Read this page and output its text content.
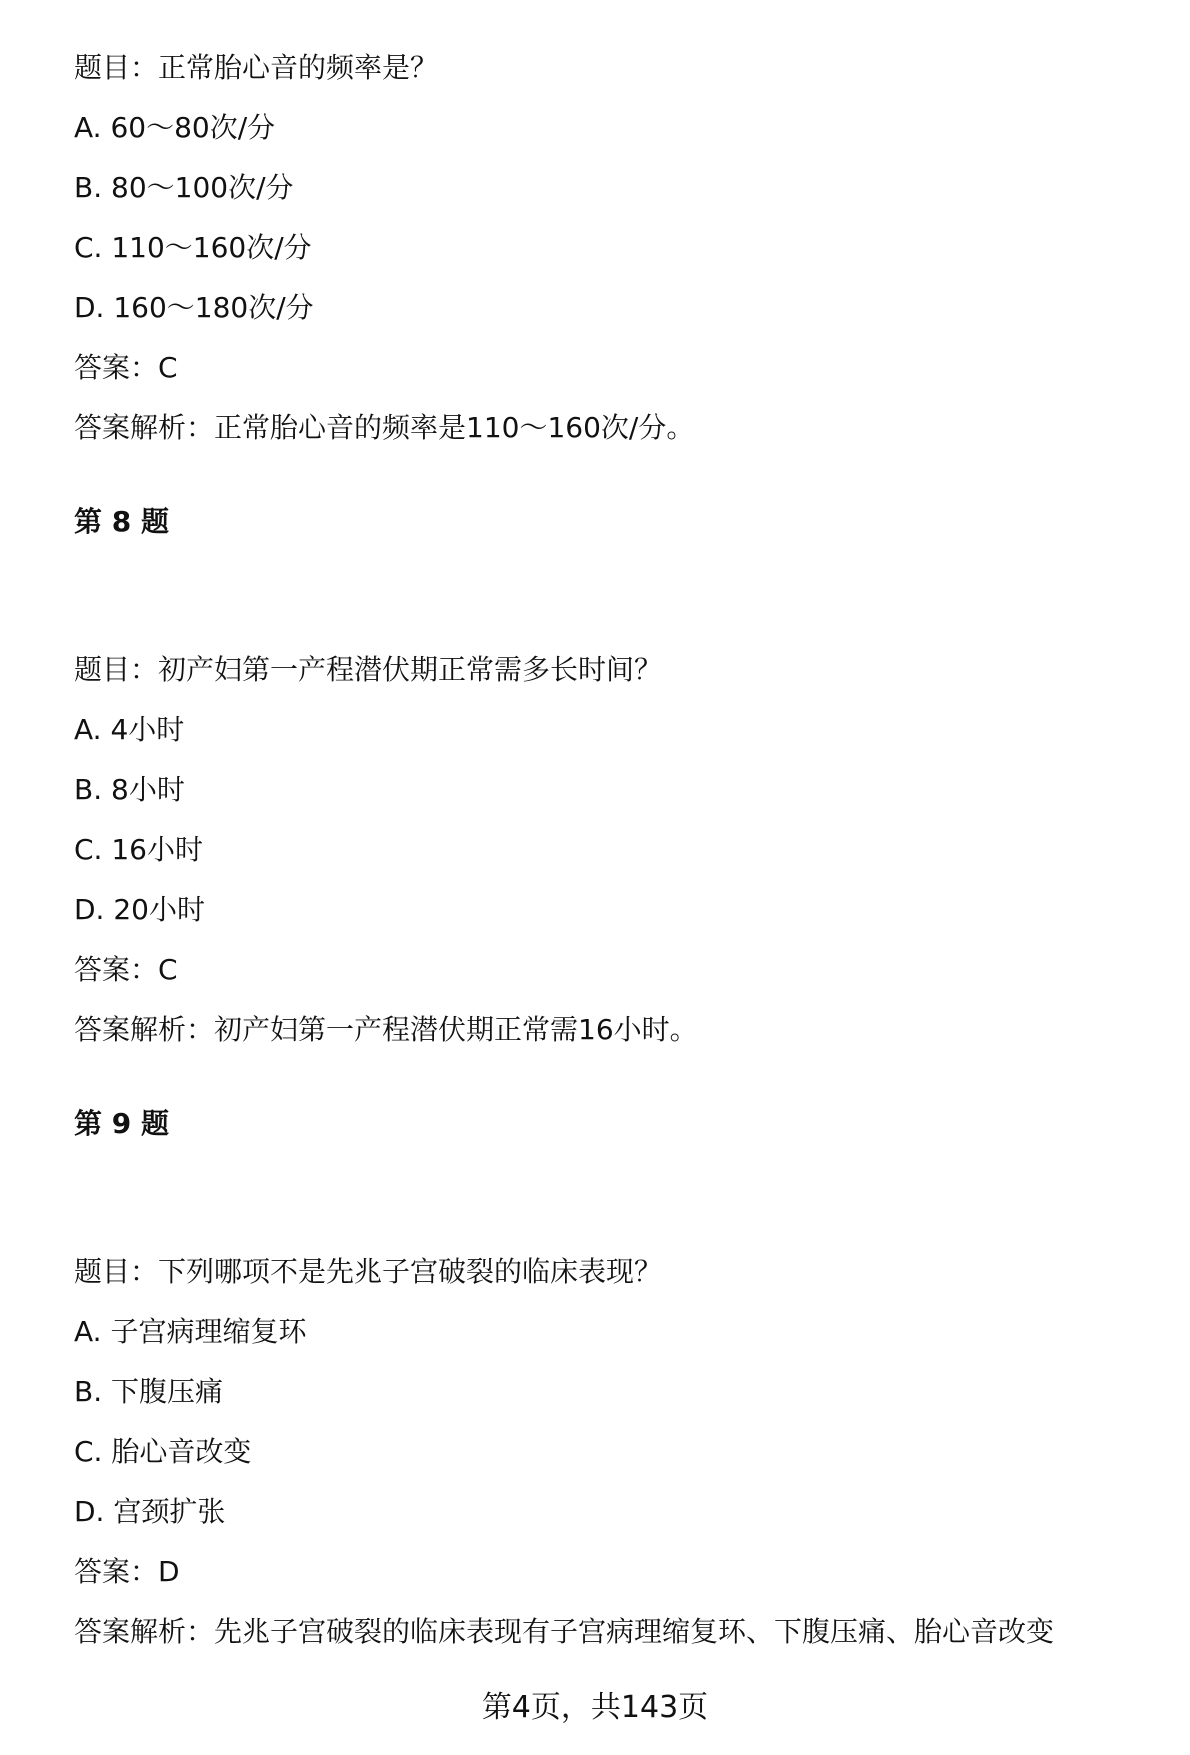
题目：正常胎心音的频率是？
A. 60～80次/分
B. 80～100次/分
C. 110～160次/分
D. 160～180次/分
答案：C
答案解析：正常胎心音的频率是110～160次/分。
第 8 题
题目：初产妇第一产程潜伏期正常需多长时间？
A. 4小时
B. 8小时
C. 16小时
D. 20小时
答案：C
答案解析：初产妇第一产程潜伏期正常需16小时。
第 9 题
题目：下列哪项不是先兆子宫破裂的临床表现？
A. 子宫病理缩复环
B. 下腹压痛
C. 胎心音改变
D. 宫颈扩张
答案：D
答案解析：先兆子宫破裂的临床表现有子宫病理缩复环、下腹压痛、胎心音改变
第4页，共143页
